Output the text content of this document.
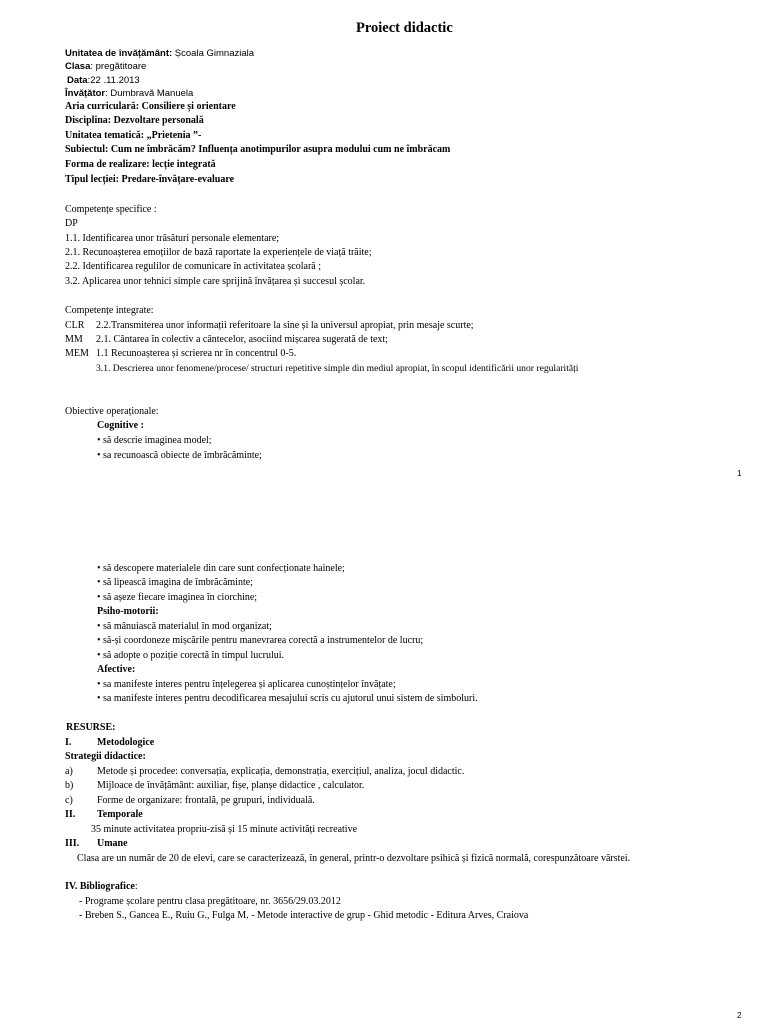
Proiect didactic
Unitatea de învățământ: Școala Gimnaziala
Clasa: pregătitoare
Data:22 .11.2013
Învățător: Dumbravă Manuela
Aria curriculară: Consiliere și orientare
Disciplina: Dezvoltare personală
Unitatea tematică: „Prietenia ”-
Subiectul: Cum ne îmbrăcăm? Influența anotimpurilor asupra modului cum ne îmbrăcam
Forma de realizare: lecție integrată
Tipul lecției: Predare-învățare-evaluare
Competențe specifice :
DP
1.1. Identificarea unor trăsături personale elementare;
2.1. Recunoașterea emoțiilor de bază raportate la experiențele de viață trăite;
2.2. Identificarea regulilor de comunicare în activitatea școlară ;
3.2. Aplicarea unor tehnici simple care sprijină învățarea și succesul școlar.
Competențe integrate:
CLR 2.2.Transmiterea unor informații referitoare la sine și la universul apropiat, prin mesaje scurte;
MM 2.1. Cântarea în colectiv a cântecelor, asociind mișcarea sugerată de text;
MEM 1.1 Recunoașterea și scrierea nr în concentrul 0-5.
3.1. Descrierea unor fenomene/procese/ structuri repetitive simple din mediul apropiat, în scopul identificării unor regularități
Obiective operaționale:
Cognitive :
• să descrie imaginea model;
• sa recunoască obiecte de îmbrăcăminte;
1
• să descopere materialele din care sunt confecționate hainele;
• să lipească imagina de îmbrăcăminte;
• să așeze fiecare imaginea în ciorchine;
Psiho-motorii:
• să mânuiască materialul în mod organizat;
• să-și coordoneze mișcările pentru manevrarea corectă a instrumentelor de lucru;
• să adopte o poziție corectă în timpul lucrului.
Afective:
• sa manifeste interes pentru înțelegerea și aplicarea cunoștințelor învățate;
• sa manifeste interes pentru decodificarea mesajului scris cu ajutorul unui sistem de simboluri.
RESURSE:
I.	Metodologice
Strategii didactice:
a) Metode și procedee: conversația, explicația, demonstrația, exercițiul, analiza, jocul didactic.
b) Mijloace de învățământ: auxiliar, fișe, planșe didactice , calculator.
c) Forme de organizare: frontală, pe grupuri, individuală.
II. Temporale
35 minute activitatea propriu-zisă și 15 minute activități recreative
III. Umane
Clasa are un număr de 20 de elevi, care se caracterizează, în general, printr-o dezvoltare psihică și fizică normală, corespunzătoare vârstei.
IV. Bibliografice:
- Programe școlare pentru clasa pregătitoare, nr. 3656/29.03.2012
- Breben S., Gancea E., Ruiu G., Fulga M. - Metode interactive de grup - Ghid metodic - Editura Arves, Craiova
2
